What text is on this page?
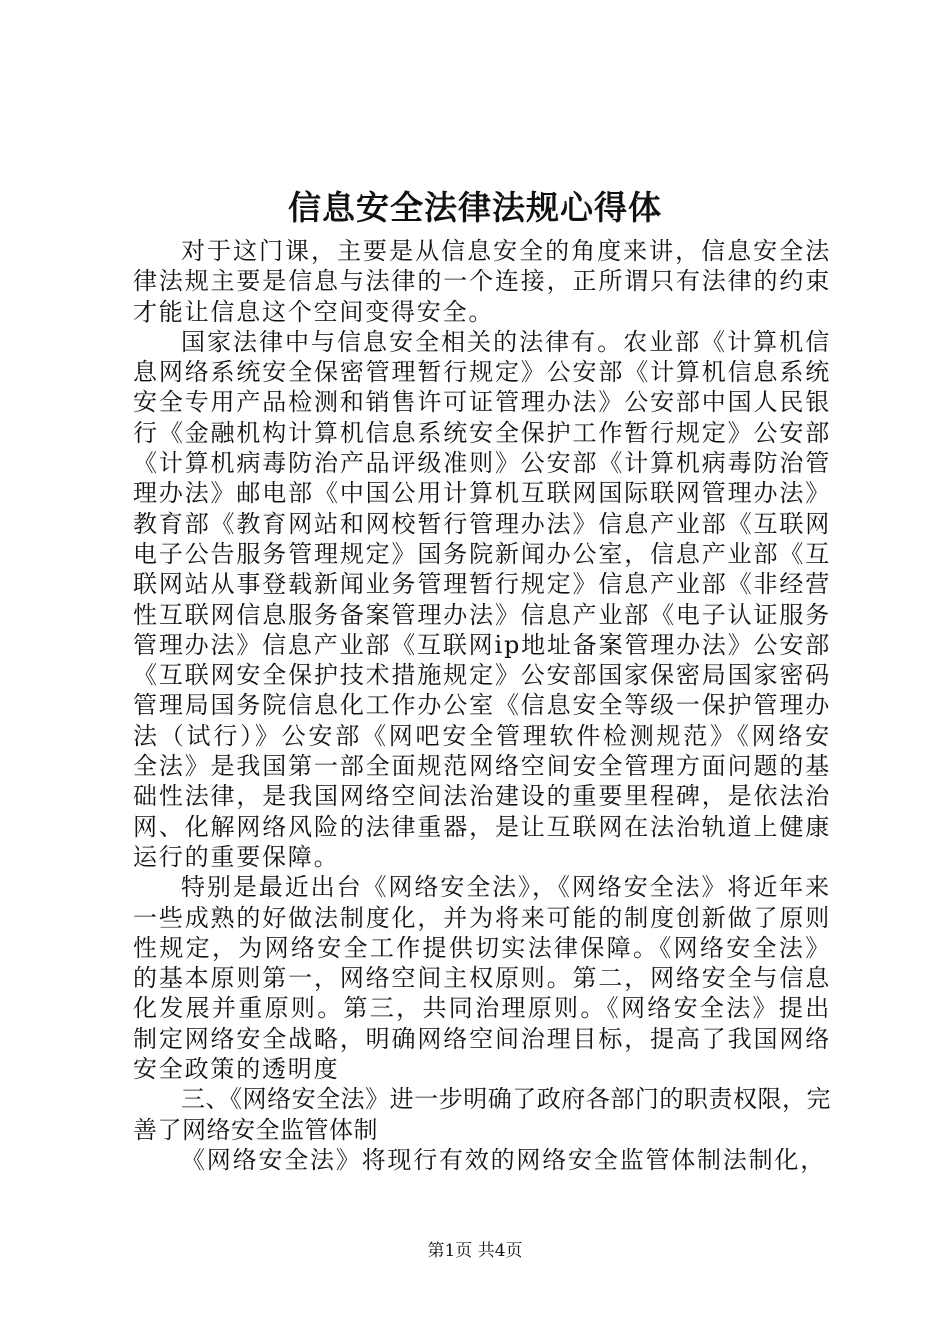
信息安全法律法规心得体

对于这门课，主要是从信息安全的角度来讲，信息安全法律法规主要是信息与法律的一个连接，正所谓只有法律的约束才能让信息这个空间变得安全。

国家法律中与信息安全相关的法律有。农业部《计算机信息网络系统安全保密管理暂行规定》公安部《计算机信息系统安全专用产品检测和销售许可证管理办法》公安部中国人民银行《金融机构计算机信息系统安全保护工作暂行规定》公安部《计算机病毒防治产品评级准则》公安部《计算机病毒防治管理办法》邮电部《中国公用计算机互联网国际联网管理办法》教育部《教育网站和网校暂行管理办法》信息产业部《互联网电子公告服务管理规定》国务院新闻办公室，信息产业部《互联网站从事登载新闻业务管理暂行规定》信息产业部《非经营性互联网信息服务备案管理办法》信息产业部《电子认证服务管理办法》信息产业部《互联网ip地址备案管理办法》公安部《互联网安全保护技术措施规定》公安部国家保密局国家密码管理局国务院信息化工作办公室《信息安全等级一保护管理办法（试行）》公安部《网吧安全管理软件检测规范》《网络安全法》是我国第一部全面规范网络空间安全管理方面问题的基础性法律，是我国网络空间法治建设的重要里程碑，是依法治网、化解网络风险的法律重器，是让互联网在法治轨道上健康运行的重要保障。

特别是最近出台《网络安全法》，《网络安全法》将近年来一些成熟的好做法制度化，并为将来可能的制度创新做了原则性规定，为网络安全工作提供切实法律保障。《网络安全法》的基本原则第一，网络空间主权原则。第二，网络安全与信息化发展并重原则。第三，共同治理原则。《网络安全法》提出制定网络安全战略，明确网络空间治理目标，提高了我国网络安全政策的透明度

三、《网络安全法》进一步明确了政府各部门的职责权限，完善了网络安全监管体制

《网络安全法》将现行有效的网络安全监管体制法制化，

第1页 共4页
